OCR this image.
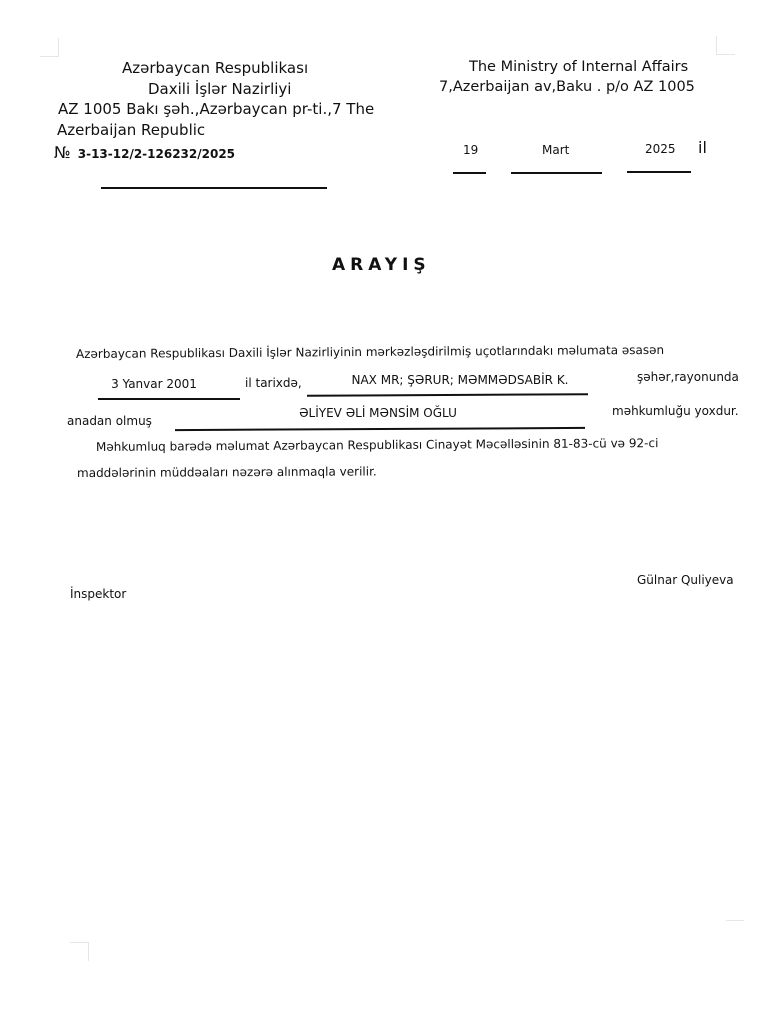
Azərbaycan Respublikası
Daxili İşlər Nazirliyi
AZ 1005 Bakı şəh.,Azərbaycan pr-ti.,7 The
Azerbaijan Republic
№ 3-13-12/2-126232/2025
The Ministry of Internal Affairs
7,Azerbaijan av,Baku . p/o AZ 1005
19	Mart	2025 il
ARAYIŞ
Azərbaycan Respublikası Daxili İşlər Nazirliyinin mərkəzləşdirilmiş uçotlarındakı məlumata əsasən
3 Yanvar 2001	il tarixdə,	NAX MR; ŞƏRUR; MƏMMƏDSABİR K.	şəhər,rayonunda
anadan olmuş
ƏLİYEV ƏLİ MƏNSİM OĞLU	məhkumluğu yoxdur.
Məhkumluq barədə məlumat Azərbaycan Respublikası Cinayət Məcəlləsinin 81-83-cü və 92-ci
maddələrinin müddəaları nəzərə alınmaqla verilir.
İnspektor
Gülnar Quliyeva
